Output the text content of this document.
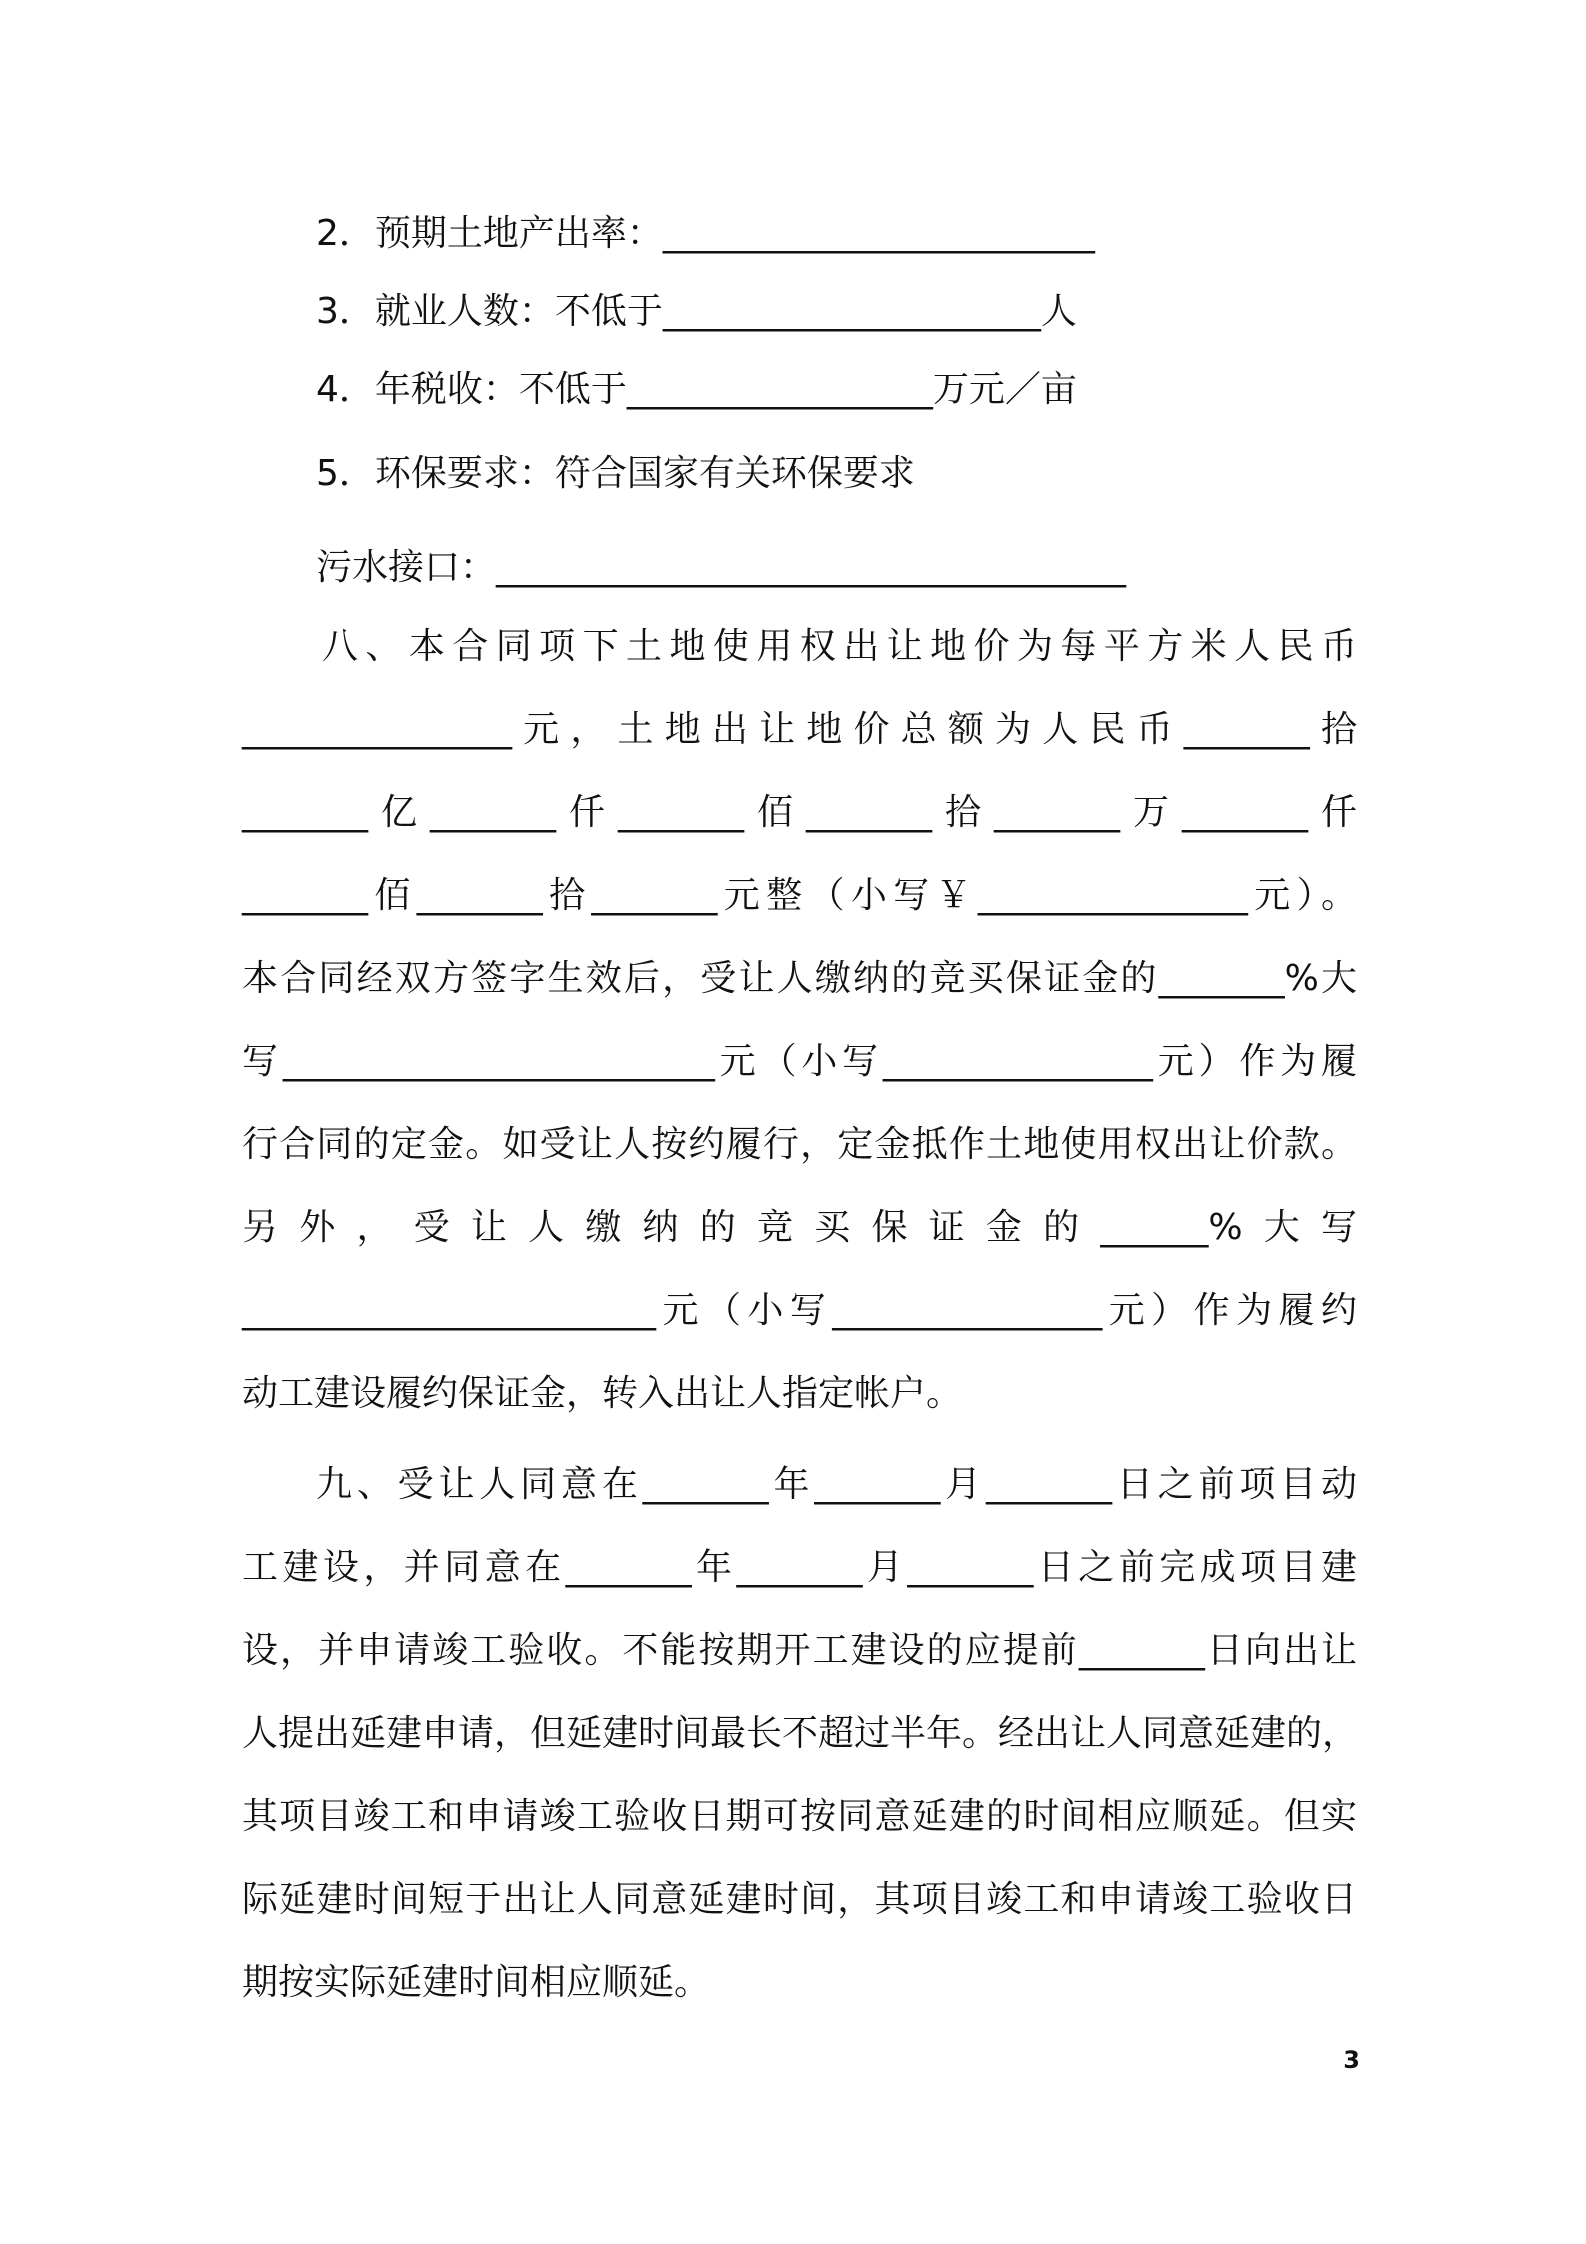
2．预期土地产出率：________________________

3．就业人数：不低于_____________________人

4．年税收：不低于_________________万元／亩

5．环保要求：符合国家有关环保要求

污水接口：___________________________________

八、本合同项下土地使用权出让地价为每平方米人民币

_______________元，土地出让地价总额为人民币_______拾

_______亿_______仟_______佰_______拾_______万_______仟

_______佰_______拾_______元整（小写￥_______________元）。

本合同经双方签字生效后，受让人缴纳的竞买保证金的_______%大

写________________________元（小写_______________元）作为履

行合同的定金。如受让人按约履行，定金抵作土地使用权出让价款。

另外，受让人缴纳的竞买保证金的______%大写

_______________________元（小写_______________元）作为履约

动工建设履约保证金，转入出让人指定帐户。

九、受让人同意在_______年_______月_______日之前项目动

工建设，并同意在_______年_______月_______日之前完成项目建

设，并申请竣工验收。不能按期开工建设的应提前_______日向出让

人提出延建申请，但延建时间最长不超过半年。经出让人同意延建的，

其项目竣工和申请竣工验收日期可按同意延建的时间相应顺延。但实

际延建时间短于出让人同意延建时间，其项目竣工和申请竣工验收日

期按实际延建时间相应顺延。

3
